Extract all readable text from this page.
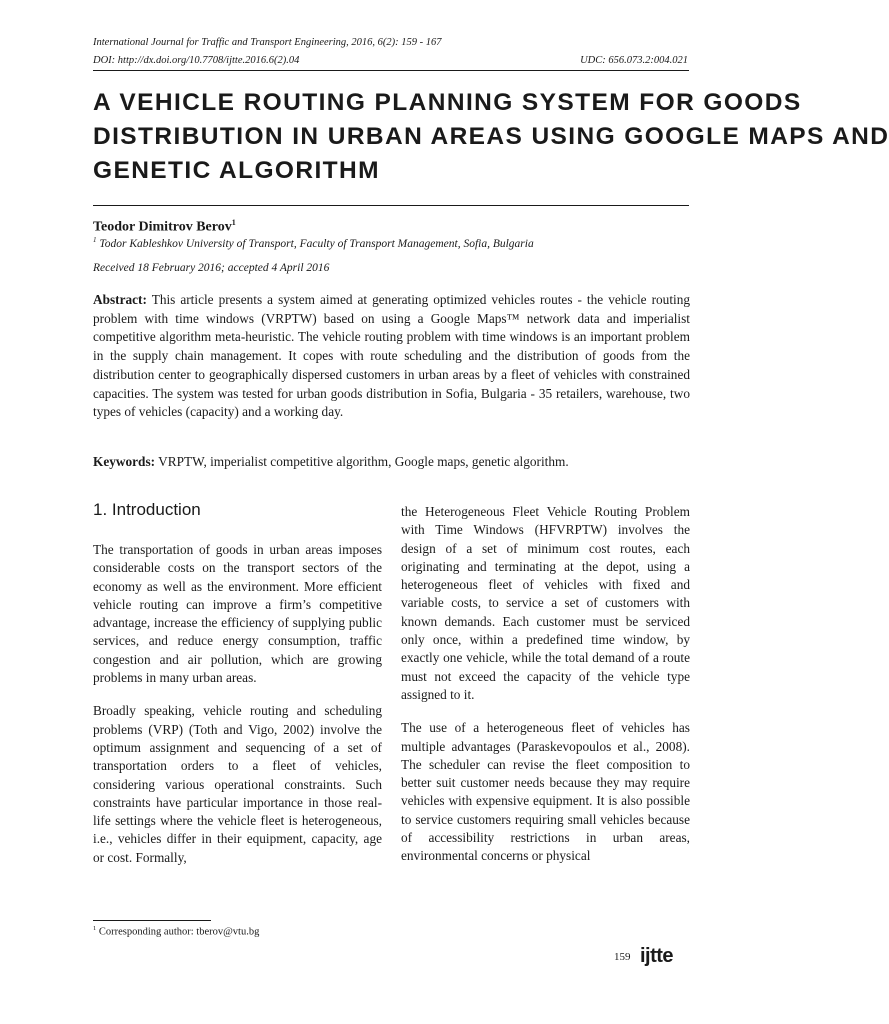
International Journal for Traffic and Transport Engineering, 2016, 6(2): 159 - 167
DOI: http://dx.doi.org/10.7708/ijtte.2016.6(2).04	UDC: 656.073.2:004.021
A VEHICLE ROUTING PLANNING SYSTEM FOR GOODS
DISTRIBUTION IN URBAN AREAS USING GOOGLE MAPS AND
GENETIC ALGORITHM
Teodor Dimitrov Berov$^1$
$^1$ Todor Kableshkov University of Transport, Faculty of Transport Management, Sofia, Bulgaria
Received 18 February 2016; accepted 4 April 2016
Abstract: This article presents a system aimed at generating optimized vehicles routes - the vehicle routing problem with time windows (VRPTW) based on using a Google Maps™ network data and imperialist competitive algorithm meta-heuristic. The vehicle routing problem with time windows is an important problem in the supply chain management. It copes with route scheduling and the distribution of goods from the distribution center to geographically dispersed customers in urban areas by a fleet of vehicles with constrained capacities. The system was tested for urban goods distribution in Sofia, Bulgaria - 35 retailers, warehouse, two types of vehicles (capacity) and a working day.
Keywords: VRPTW, imperialist competitive algorithm, Google maps, genetic algorithm.
1. Introduction

The transportation of goods in urban areas imposes considerable costs on the transport sectors of the economy as well as the environment. More efficient vehicle routing can improve a firm’s competitive advantage, increase the efficiency of supplying public services, and reduce energy consumption, traffic congestion and air pollution, which are growing problems in many urban areas.

Broadly speaking, vehicle routing and scheduling problems (VRP) (Toth and Vigo, 2002) involve the optimum assignment and sequencing of a set of transportation orders to a fleet of vehicles, considering various operational constraints. Such constraints have particular importance in those real-life settings where the vehicle fleet is heterogeneous, i.e., vehicles differ in their equipment, capacity, age or cost. Formally,

the Heterogeneous Fleet Vehicle Routing Problem with Time Windows (HFVRPTW) involves the design of a set of minimum cost routes, each originating and terminating at the depot, using a heterogeneous fleet of vehicles with fixed and variable costs, to service a set of customers with known demands. Each customer must be serviced only once, within a predefined time window, by exactly one vehicle, while the total demand of a route must not exceed the capacity of the vehicle type assigned to it.

The use of a heterogeneous fleet of vehicles has multiple advantages (Paraskevopoulos et al., 2008). The scheduler can revise the fleet composition to better suit customer needs because they may require vehicles with expensive equipment. It is also possible to service customers requiring small vehicles because of accessibility restrictions in urban areas, environmental concerns or physical

$^1$ Corresponding author: tberov@vtu.bg
159 ijtte
